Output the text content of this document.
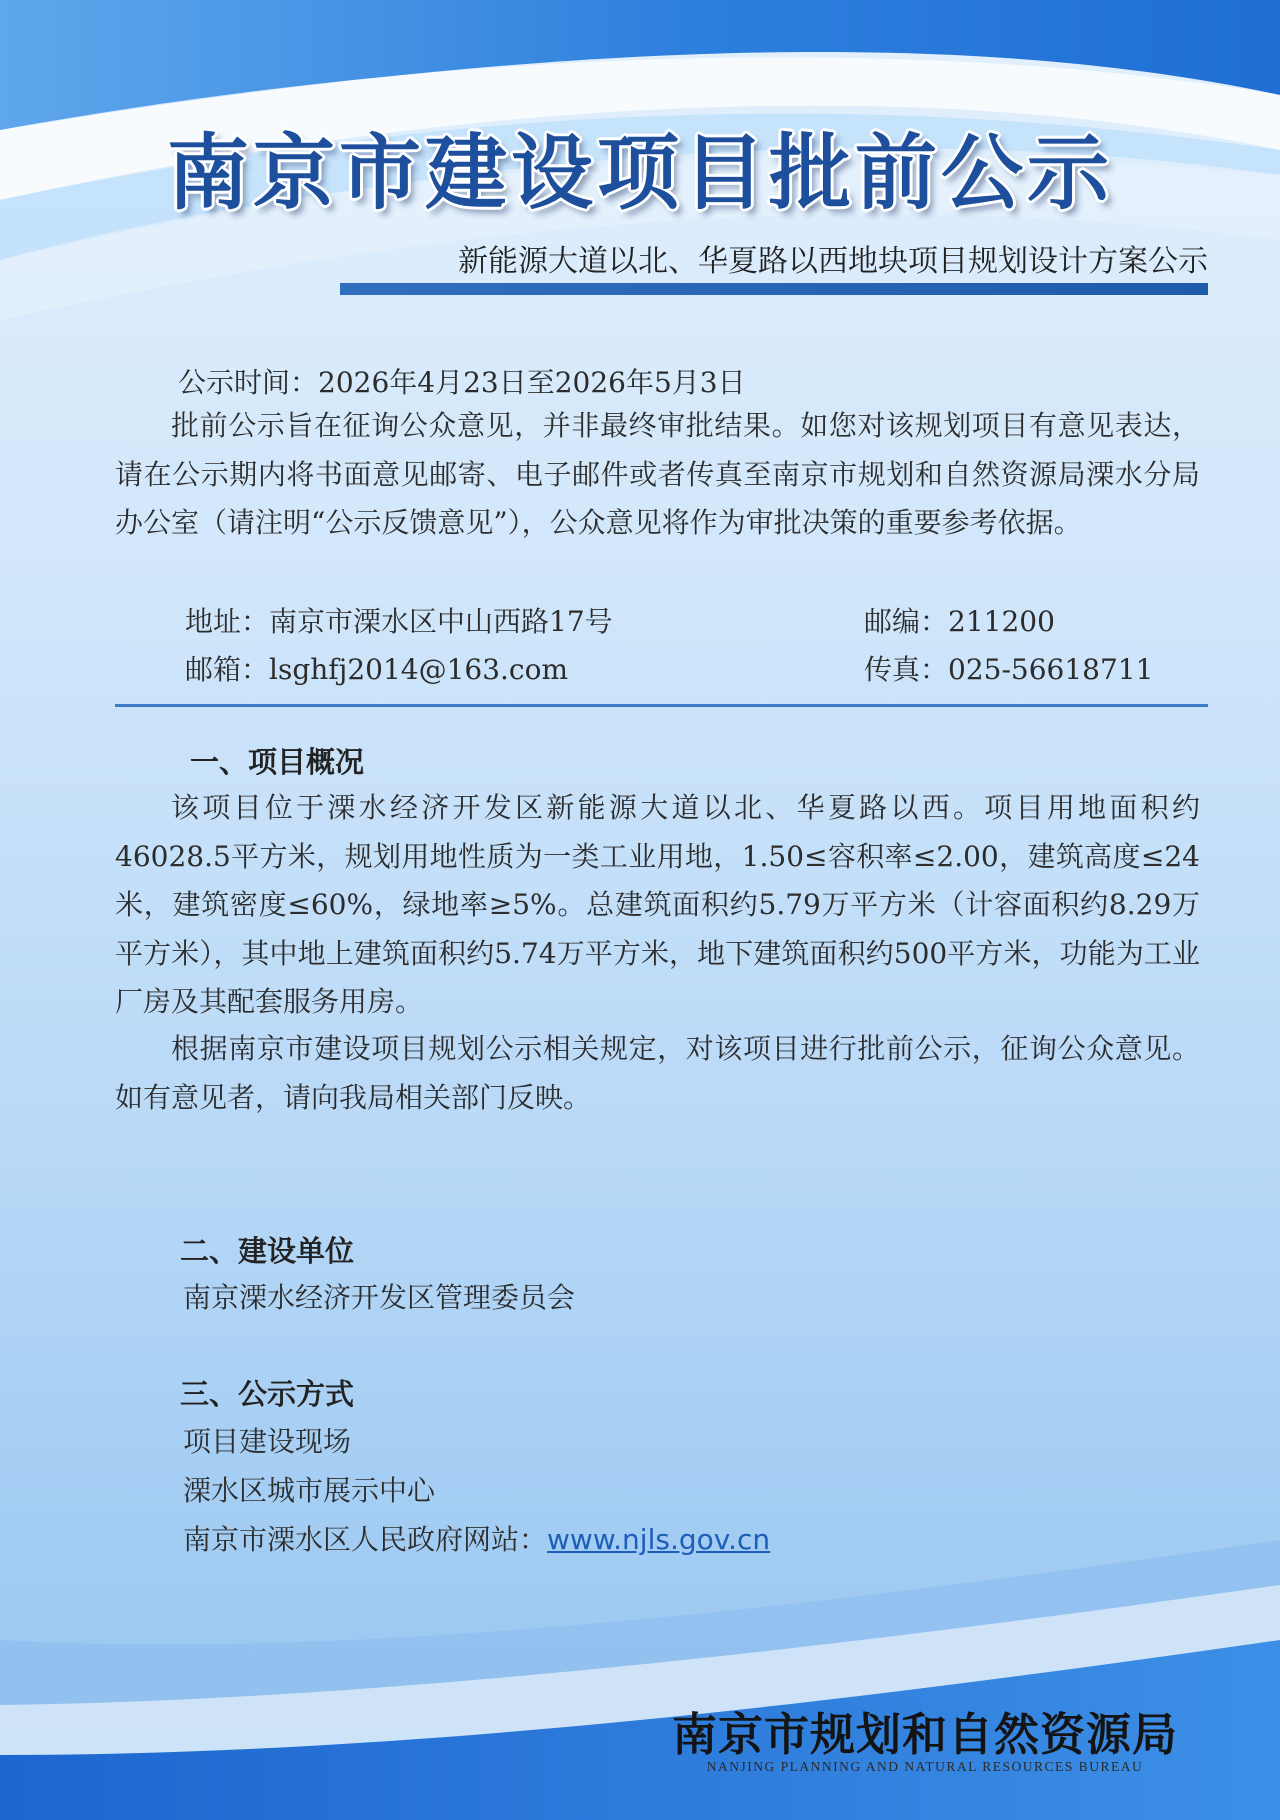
南京市建设项目批前公示
新能源大道以北、华夏路以西地块项目规划设计方案公示
公示时间：2026年4月23日至2026年5月3日
批前公示旨在征询公众意见，并非最终审批结果。如您对该规划项目有意见表达，请在公示期内将书面意见邮寄、电子邮件或者传真至南京市规划和自然资源局溧水分局办公室（请注明“公示反馈意见”），公众意见将作为审批决策的重要参考依据。
地址：南京市溧水区中山西路17号	邮编：211200
邮箱：lsghfj2014@163.com	传真：025-56618711
一、项目概况
该项目位于溧水经济开发区新能源大道以北、华夏路以西。项目用地面积约46028.5平方米，规划用地性质为一类工业用地，1.50≤容积率≤2.00，建筑高度≤24米，建筑密度≤60%，绿地率≥5%。总建筑面积约5.79万平方米（计容面积约8.29万平方米），其中地上建筑面积约5.74万平方米，地下建筑面积约500平方米，功能为工业厂房及其配套服务用房。
根据南京市建设项目规划公示相关规定，对该项目进行批前公示，征询公众意见。如有意见者，请向我局相关部门反映。
二、建设单位
南京溧水经济开发区管理委员会
三、公示方式
项目建设现场
溧水区城市展示中心
南京市溧水区人民政府网站：www.njls.gov.cn
南京市规划和自然资源局
NANJING PLANNING AND NATURAL RESOURCES BUREAU
